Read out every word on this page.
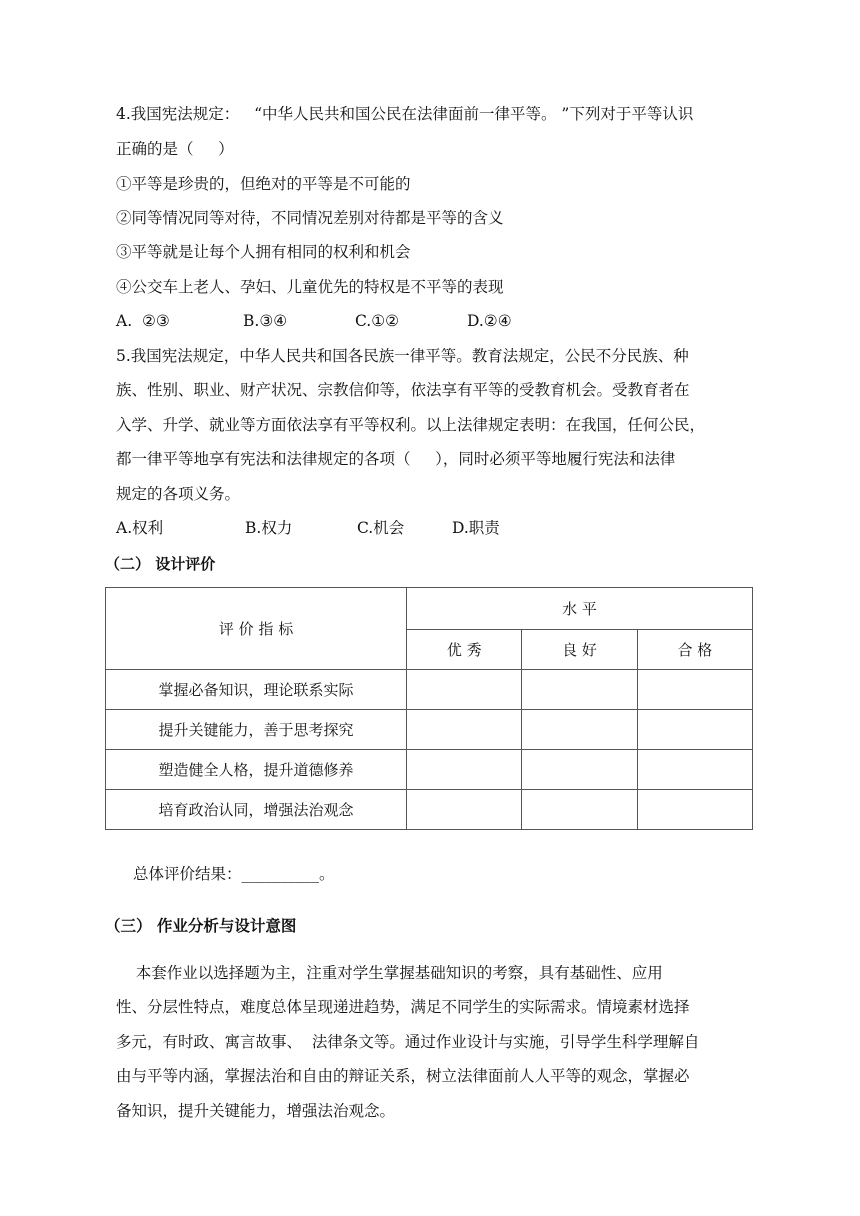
4.我国宪法规定：   “中华人民共和国公民在法律面前一律平等。 ”下列对于平等认识
正确的是（     ）
①平等是珍贵的，但绝对的平等是不可能的
②同等情况同等对待，不同情况差别对待都是平等的含义
③平等就是让每个人拥有相同的权利和机会
④公交车上老人、孕妇、儿童优先的特权是不平等的表现
A.  ②③	B.③④	C.①②	D.②④
5.我国宪法规定，中华人民共和国各民族一律平等。教育法规定，公民不分民族、种
族、性别、职业、财产状况、宗教信仰等，依法享有平等的受教育机会。受教育者在
入学、升学、就业等方面依法享有平等权利。以上法律规定表明：在我国，任何公民，
都一律平等地享有宪法和法律规定的各项（     ），同时必须平等地履行宪法和法律
规定的各项义务。
A.权利	B.权力	C.机会	D.职责
（二） 设计评价
评 价 指 标	水 平		
	优 秀	良 好	合 格
掌握必备知识，理论联系实际			
提升关键能力，善于思考探究			
塑造健全人格，提升道德修养			
培育政治认同，增强法治观念			
总体评价结果：__________。
（三） 作业分析与设计意图
本套作业以选择题为主，注重对学生掌握基础知识的考察，具有基础性、应用
性、分层性特点，难度总体呈现递进趋势，满足不同学生的实际需求。情境素材选择
多元，有时政、寓言故事、  法律条文等。通过作业设计与实施，引导学生科学理解自
由与平等内涵，掌握法治和自由的辩证关系，树立法律面前人人平等的观念，掌握必
备知识，提升关键能力，增强法治观念。
